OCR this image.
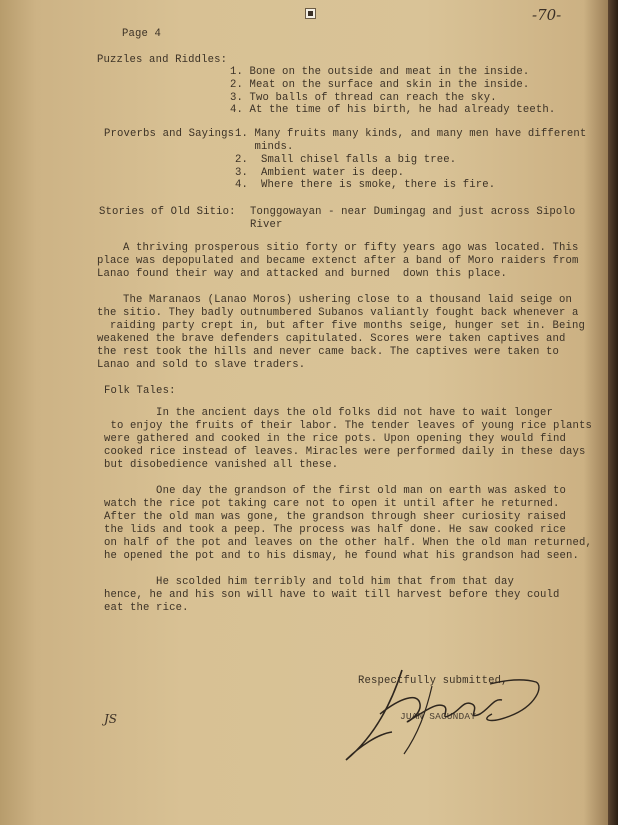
-70-
Page 4
Puzzles and Riddles:
1. Bone on the outside and meat in the inside.
2. Meat on the surface and skin in the inside.
3. Two balls of thread can reach the sky.
4. At the time of his birth, he had already teeth.
Proverbs and Sayings 1. Many fruits many kinds, and many men have different
minds.
2.  Small chisel falls a big tree.
3.  Ambient water is deep.
4.  Where there is smoke, there is fire.
Stories of Old Sitio: Tonggowayan - near Dumingag and just across Sipolo
River
A thriving prosperous sitio forty or fifty years ago was located. This
place was depopulated and became extenct after a band of Moro raiders from
Lanao found their way and attacked and burned  down this place.
The Maranaos (Lanao Moros) ushering close to a thousand laid seige on
the sitio. They badly outnumbered Subanos valiantly fought back whenever a
raiding party crept in, but after five months seige, hunger set in. Being
weakened the brave defenders capitulated. Scores were taken captives and
the rest took the hills and never came back. The captives were taken to
Lanao and sold to slave traders.
Folk Tales:
In the ancient days the old folks did not have to wait longer
to enjoy the fruits of their labor. The tender leaves of young rice plants
were gathered and cooked in the rice pots. Upon opening they would find
cooked rice instead of leaves. Miracles were performed daily in these days
but disobedience vanished all these.
One day the grandson of the first old man on earth was asked to
watch the rice pot taking care not to open it until after he returned.
After the old man was gone, the grandson through sheer curiosity raised
the lids and took a peep. The process was half done. He saw cooked rice
on half of the pot and leaves on the other half. When the old man returned,
he opened the pot and to his dismay, he found what his grandson had seen.
He scolded him terribly and told him that from that day
hence, he and his son will have to wait till harvest before they could
eat the rice.
Respectfully submitted,
JUAN SAGUNDAY
JS
